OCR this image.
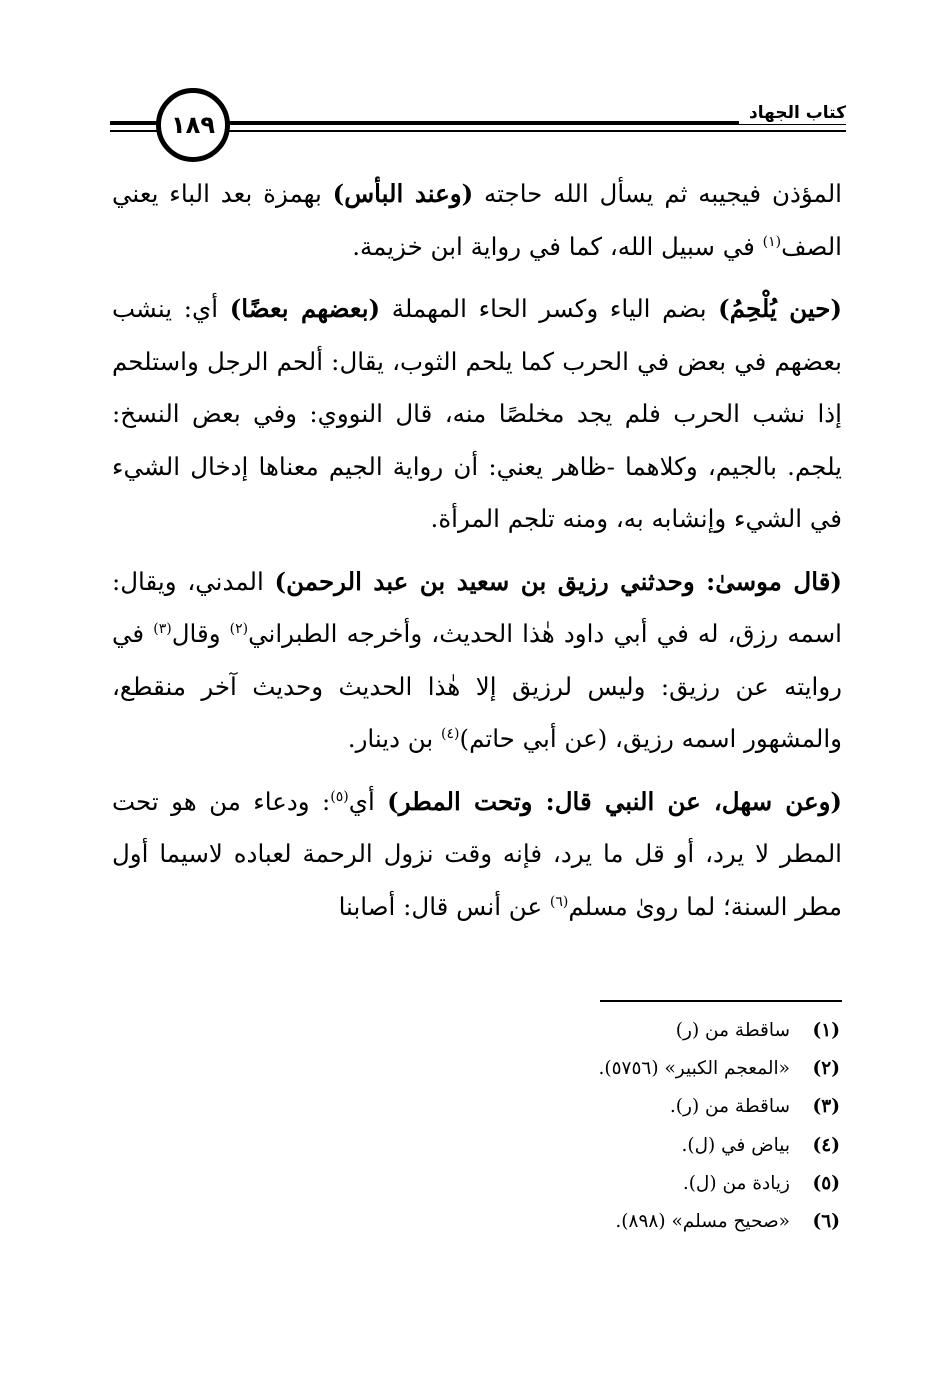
كتاب الجهاد
١٨٩

المؤذن فيجيبه ثم يسأل الله حاجته (وعند البأس) بهمزة بعد الباء يعني الصف$^{(١)}$ في سبيل الله، كما في رواية ابن خزيمة.

(حين يُلْحِمُ) بضم الياء وكسر الحاء المهملة (بعضهم بعضًا) أي: ينشب بعضهم في بعض في الحرب كما يلحم الثوب، يقال: ألحم الرجل واستلحم إذا نشب الحرب فلم يجد مخلصًا منه، قال النووي: وفي بعض النسخ: يلجم. بالجيم، وكلاهما -ظاهر يعني: أن رواية الجيم معناها إدخال الشيء في الشيء وإنشابه به، ومنه تلجم المرأة.

(قال موسىٰ: وحدثني رزيق بن سعيد بن عبد الرحمن) المدني، ويقال: اسمه رزق، له في أبي داود هٰذا الحديث، وأخرجه الطبراني$^{(٢)}$ وقال$^{(٣)}$ في روايته عن رزيق: وليس لرزيق إلا هٰذا الحديث وحديث آخر منقطع، والمشهور اسمه رزيق، (عن أبي حاتم)$^{(٤)}$ بن دينار.

(وعن سهل، عن النبي قال: وتحت المطر) أي$^{(٥)}$: ودعاء من هو تحت المطر لا يرد، أو قل ما يرد، فإنه وقت نزول الرحمة لعباده لاسيما أول مطر السنة؛ لما روىٰ مسلم$^{(٦)}$ عن أنس قال: أصابنا

(١)
ساقطة من (ر)
(٢)
«المعجم الكبير» (٥٧٥٦).
(٣)
ساقطة من (ر).
(٤)
بياض في (ل).
(٥)
زيادة من (ل).
(٦)
«صحيح مسلم» (٨٩٨).
